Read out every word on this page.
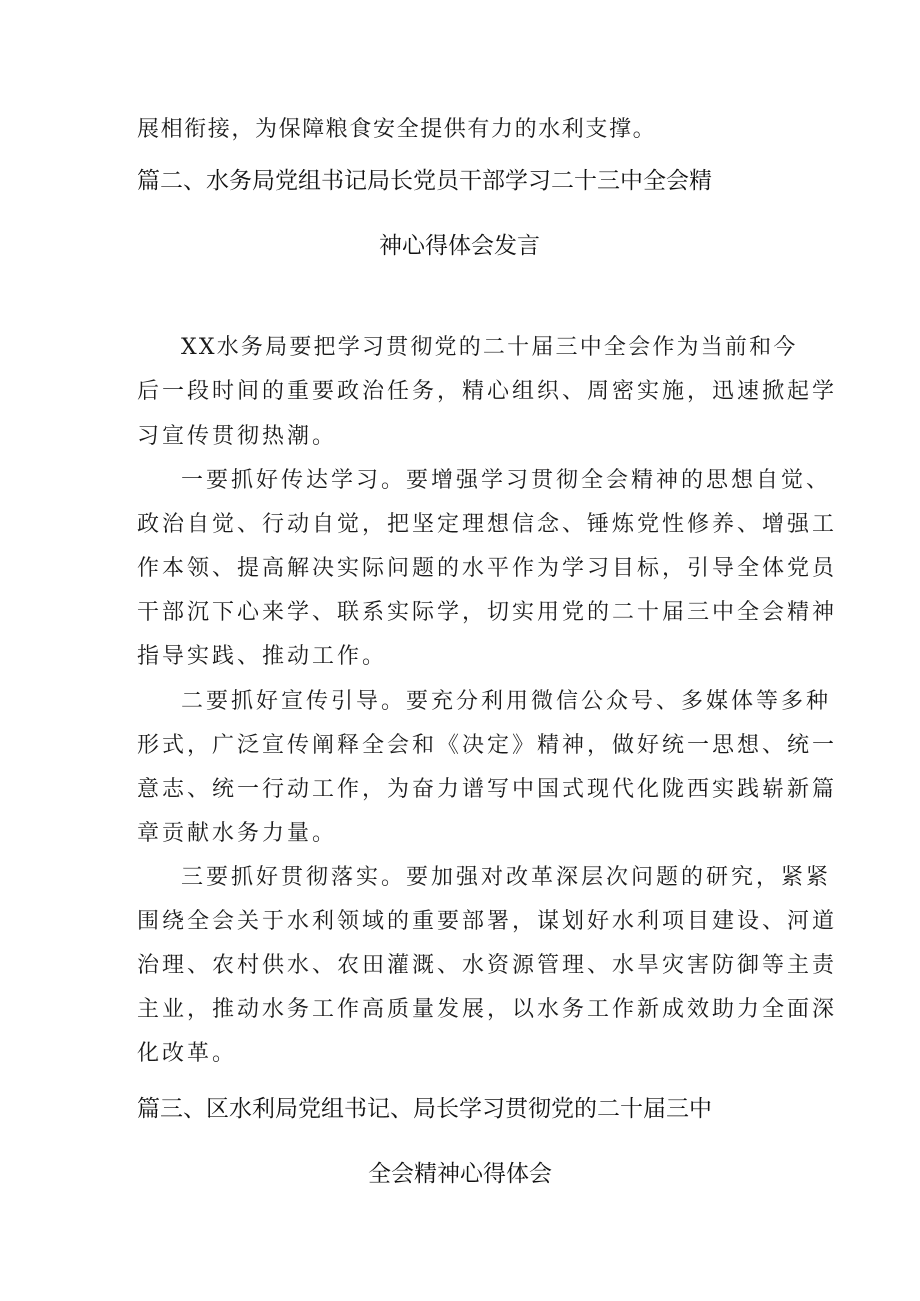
展相衔接，为保障粮食安全提供有力的水利支撑。
篇二、水务局党组书记局长党员干部学习二十三中全会精
神心得体会发言
XX水务局要把学习贯彻党的二十届三中全会作为当前和今
后一段时间的重要政治任务，精心组织、周密实施，迅速掀起学
习宣传贯彻热潮。
一要抓好传达学习。要增强学习贯彻全会精神的思想自觉、
政治自觉、行动自觉，把坚定理想信念、锤炼党性修养、增强工
作本领、提高解决实际问题的水平作为学习目标，引导全体党员
干部沉下心来学、联系实际学，切实用党的二十届三中全会精神
指导实践、推动工作。
二要抓好宣传引导。要充分利用微信公众号、多媒体等多种
形式，广泛宣传阐释全会和《决定》精神，做好统一思想、统一
意志、统一行动工作，为奋力谱写中国式现代化陇西实践崭新篇
章贡献水务力量。
三要抓好贯彻落实。要加强对改革深层次问题的研究，紧紧
围绕全会关于水利领域的重要部署，谋划好水利项目建设、河道
治理、农村供水、农田灌溉、水资源管理、水旱灾害防御等主责
主业，推动水务工作高质量发展，以水务工作新成效助力全面深
化改革。
篇三、区水利局党组书记、局长学习贯彻党的二十届三中
全会精神心得体会
